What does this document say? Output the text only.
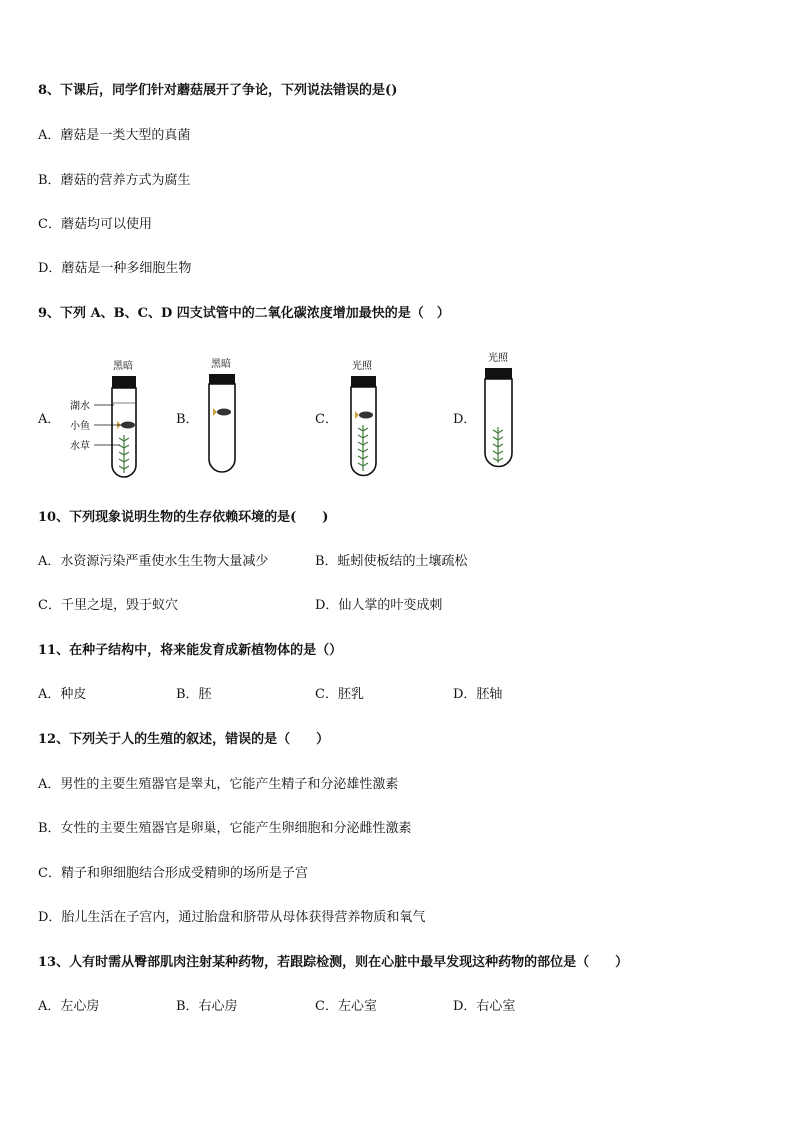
8、下课后，同学们针对蘑菇展开了争论，下列说法错误的是()
A．蘑菇是一类大型的真菌
B．蘑菇的营养方式为腐生
C．蘑菇均可以使用
D．蘑菇是一种多细胞生物
9、下列 A、B、C、D 四支试管中的二氧化碳浓度增加最快的是（　）
A．	B．	C．	D．
黑暗
湖水
小鱼
水草
黑暗	光照
光照
10、下列现象说明生物的生存依赖环境的是(　　)
A．水资源污染严重使水生生物大量减少	B．蚯蚓使板结的土壤疏松
C．千里之堤，毁于蚁穴	D．仙人掌的叶变成刺
11、在种子结构中，将来能发育成新植物体的是（）
A．种皮	B．胚	C．胚乳	D．胚轴
12、下列关于人的生殖的叙述，错误的是（　　）
A．男性的主要生殖器官是睾丸，它能产生精子和分泌雄性激素
B．女性的主要生殖器官是卵巢，它能产生卵细胞和分泌雌性激素
C．精子和卵细胞结合形成受精卵的场所是子宫
D．胎儿生活在子宫内，通过胎盘和脐带从母体获得营养物质和氧气
13、人有时需从臀部肌肉注射某种药物，若跟踪检测，则在心脏中最早发现这种药物的部位是（　　）
A．左心房	B．右心房	C．左心室	D．右心室
